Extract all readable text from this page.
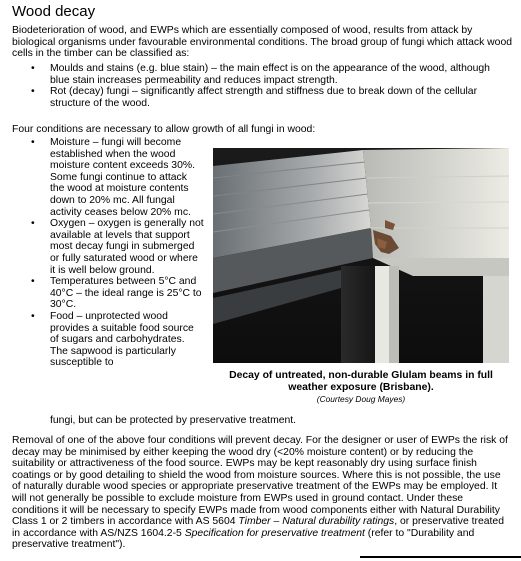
Wood decay

Biodeterioration of wood, and EWPs which are essentially composed of wood, results from attack by biological organisms under favourable environmental conditions. The broad group of fungi which attack wood cells in the timber can be classified as:

• Moulds and stains (e.g. blue stain) – the main effect is on the appearance of the wood, although blue stain increases permeability and reduces impact strength.
• Rot (decay) fungi – significantly affect strength and stiffness due to break down of the cellular structure of the wood.

Four conditions are necessary to allow growth of all fungi in wood:

• Moisture – fungi will become established when the wood moisture content exceeds 30%. Some fungi continue to attack the wood at moisture contents down to 20% mc. All fungal activity ceases below 20% mc.
• Oxygen – oxygen is generally not available at levels that support most decay fungi in submerged or fully saturated wood or where it is well below ground.
• Temperatures between 5°C and 40°C – the ideal range is 25°C to 30°C.
• Food – unprotected wood provides a suitable food source of sugars and carbohydrates. The sapwood is particularly susceptible to
fungi, but can be protected by preservative treatment.
Decay of untreated, non-durable Glulam beams in full weather exposure (Brisbane).
(Courtesy Doug Mayes)

Removal of one of the above four conditions will prevent decay. For the designer or user of EWPs the risk of decay may be minimised by either keeping the wood dry (<20% moisture content) or by reducing the suitability or attractiveness of the food source. EWPs may be kept reasonably dry using surface finish coatings or by good detailing to shield the wood from moisture sources. Where this is not possible, the use of naturally durable wood species or appropriate preservative treatment of the EWPs may be employed. It will not generally be possible to exclude moisture from EWPs used in ground contact. Under these conditions it will be necessary to specify EWPs made from wood components either with Natural Durability Class 1 or 2 timbers in accordance with AS 5604 Timber – Natural durability ratings, or preservative treated in accordance with AS/NZS 1604.2-5 Specification for preservative treatment (refer to "Durability and preservative treatment").
